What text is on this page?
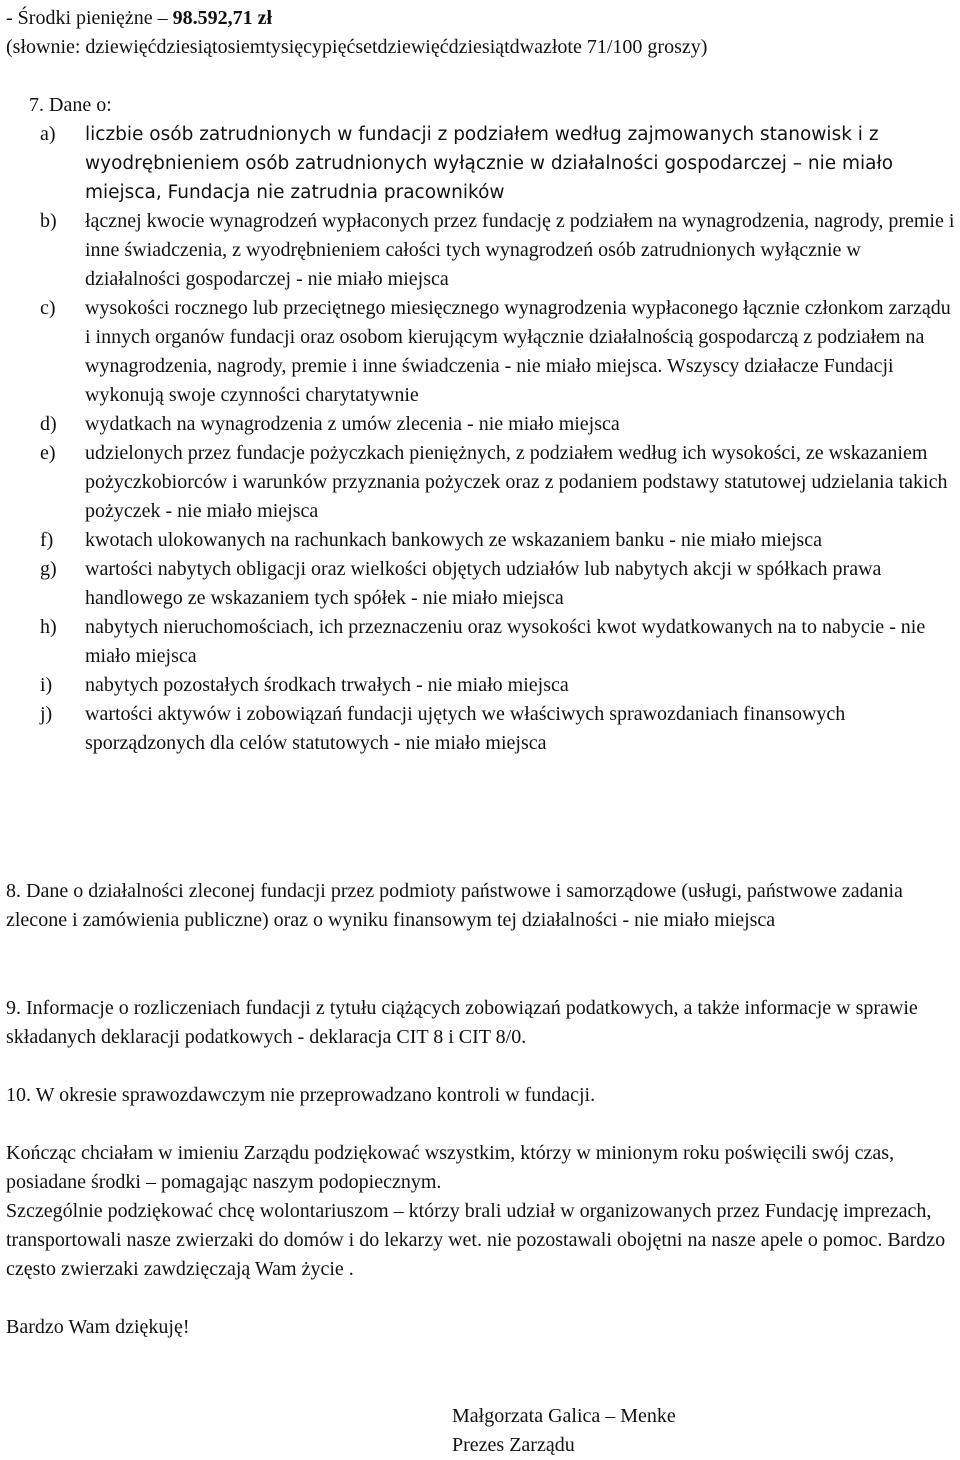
- Środki pieniężne – 98.592,71 zł

(słownie: dziewięćdziesiątosiemtysięcypięćsetdziewięćdziesiątdwazłote 71/100 groszy)

7. Dane o:

a) liczbie osób zatrudnionych w fundacji z podziałem według zajmowanych stanowisk i z wyodrębnieniem osób zatrudnionych wyłącznie w działalności gospodarczej – nie miało miejsca, Fundacja nie zatrudnia pracowników
b) łącznej kwocie wynagrodzeń wypłaconych przez fundację z podziałem na wynagrodzenia, nagrody, premie i inne świadczenia, z wyodrębnieniem całości tych wynagrodzeń osób zatrudnionych wyłącznie w działalności gospodarczej - nie miało miejsca
c) wysokości rocznego lub przeciętnego miesięcznego wynagrodzenia wypłaconego łącznie członkom zarządu i innych organów fundacji oraz osobom kierującym wyłącznie działalnością gospodarczą z podziałem na wynagrodzenia, nagrody, premie i inne świadczenia - nie miało miejsca. Wszyscy działacze Fundacji wykonują swoje czynności charytatywnie
d) wydatkach na wynagrodzenia z umów zlecenia - nie miało miejsca
e) udzielonych przez fundacje pożyczkach pieniężnych, z podziałem według ich wysokości, ze wskazaniem pożyczkobiorców i warunków przyznania pożyczek oraz z podaniem podstawy statutowej udzielania takich pożyczek - nie miało miejsca
f) kwotach ulokowanych na rachunkach bankowych ze wskazaniem banku - nie miało miejsca
g) wartości nabytych obligacji oraz wielkości objętych udziałów lub nabytych akcji w spółkach prawa handlowego ze wskazaniem tych spółek - nie miało miejsca
h) nabytych nieruchomościach, ich przeznaczeniu oraz wysokości kwot wydatkowanych na to nabycie - nie miało miejsca
i) nabytych pozostałych środkach trwałych - nie miało miejsca
j) wartości aktywów i zobowiązań fundacji ujętych we właściwych sprawozdaniach finansowych sporządzonych dla celów statutowych - nie miało miejsca

8. Dane o działalności zleconej fundacji przez podmioty państwowe i samorządowe (usługi, państwowe zadania zlecone i zamówienia publiczne) oraz o wyniku finansowym tej działalności - nie miało miejsca

9. Informacje o rozliczeniach fundacji z tytułu ciążących zobowiązań podatkowych, a także informacje w sprawie składanych deklaracji podatkowych - deklaracja CIT 8 i CIT 8/0.

10. W okresie sprawozdawczym nie przeprowadzano kontroli w fundacji.

Kończąc chciałam w imieniu Zarządu podziękować wszystkim, którzy w minionym roku poświęcili swój czas, posiadane środki – pomagając naszym podopiecznym.

Szczególnie podziękować chcę wolontariuszom – którzy brali udział w organizowanych przez Fundację imprezach, transportowali nasze zwierzaki do domów i do lekarzy wet. nie pozostawali obojętni na nasze apele o pomoc. Bardzo często zwierzaki zawdzięczają Wam życie .

Bardzo Wam dziękuję!

Małgorzata Galica – Menke

Prezes Zarządu
